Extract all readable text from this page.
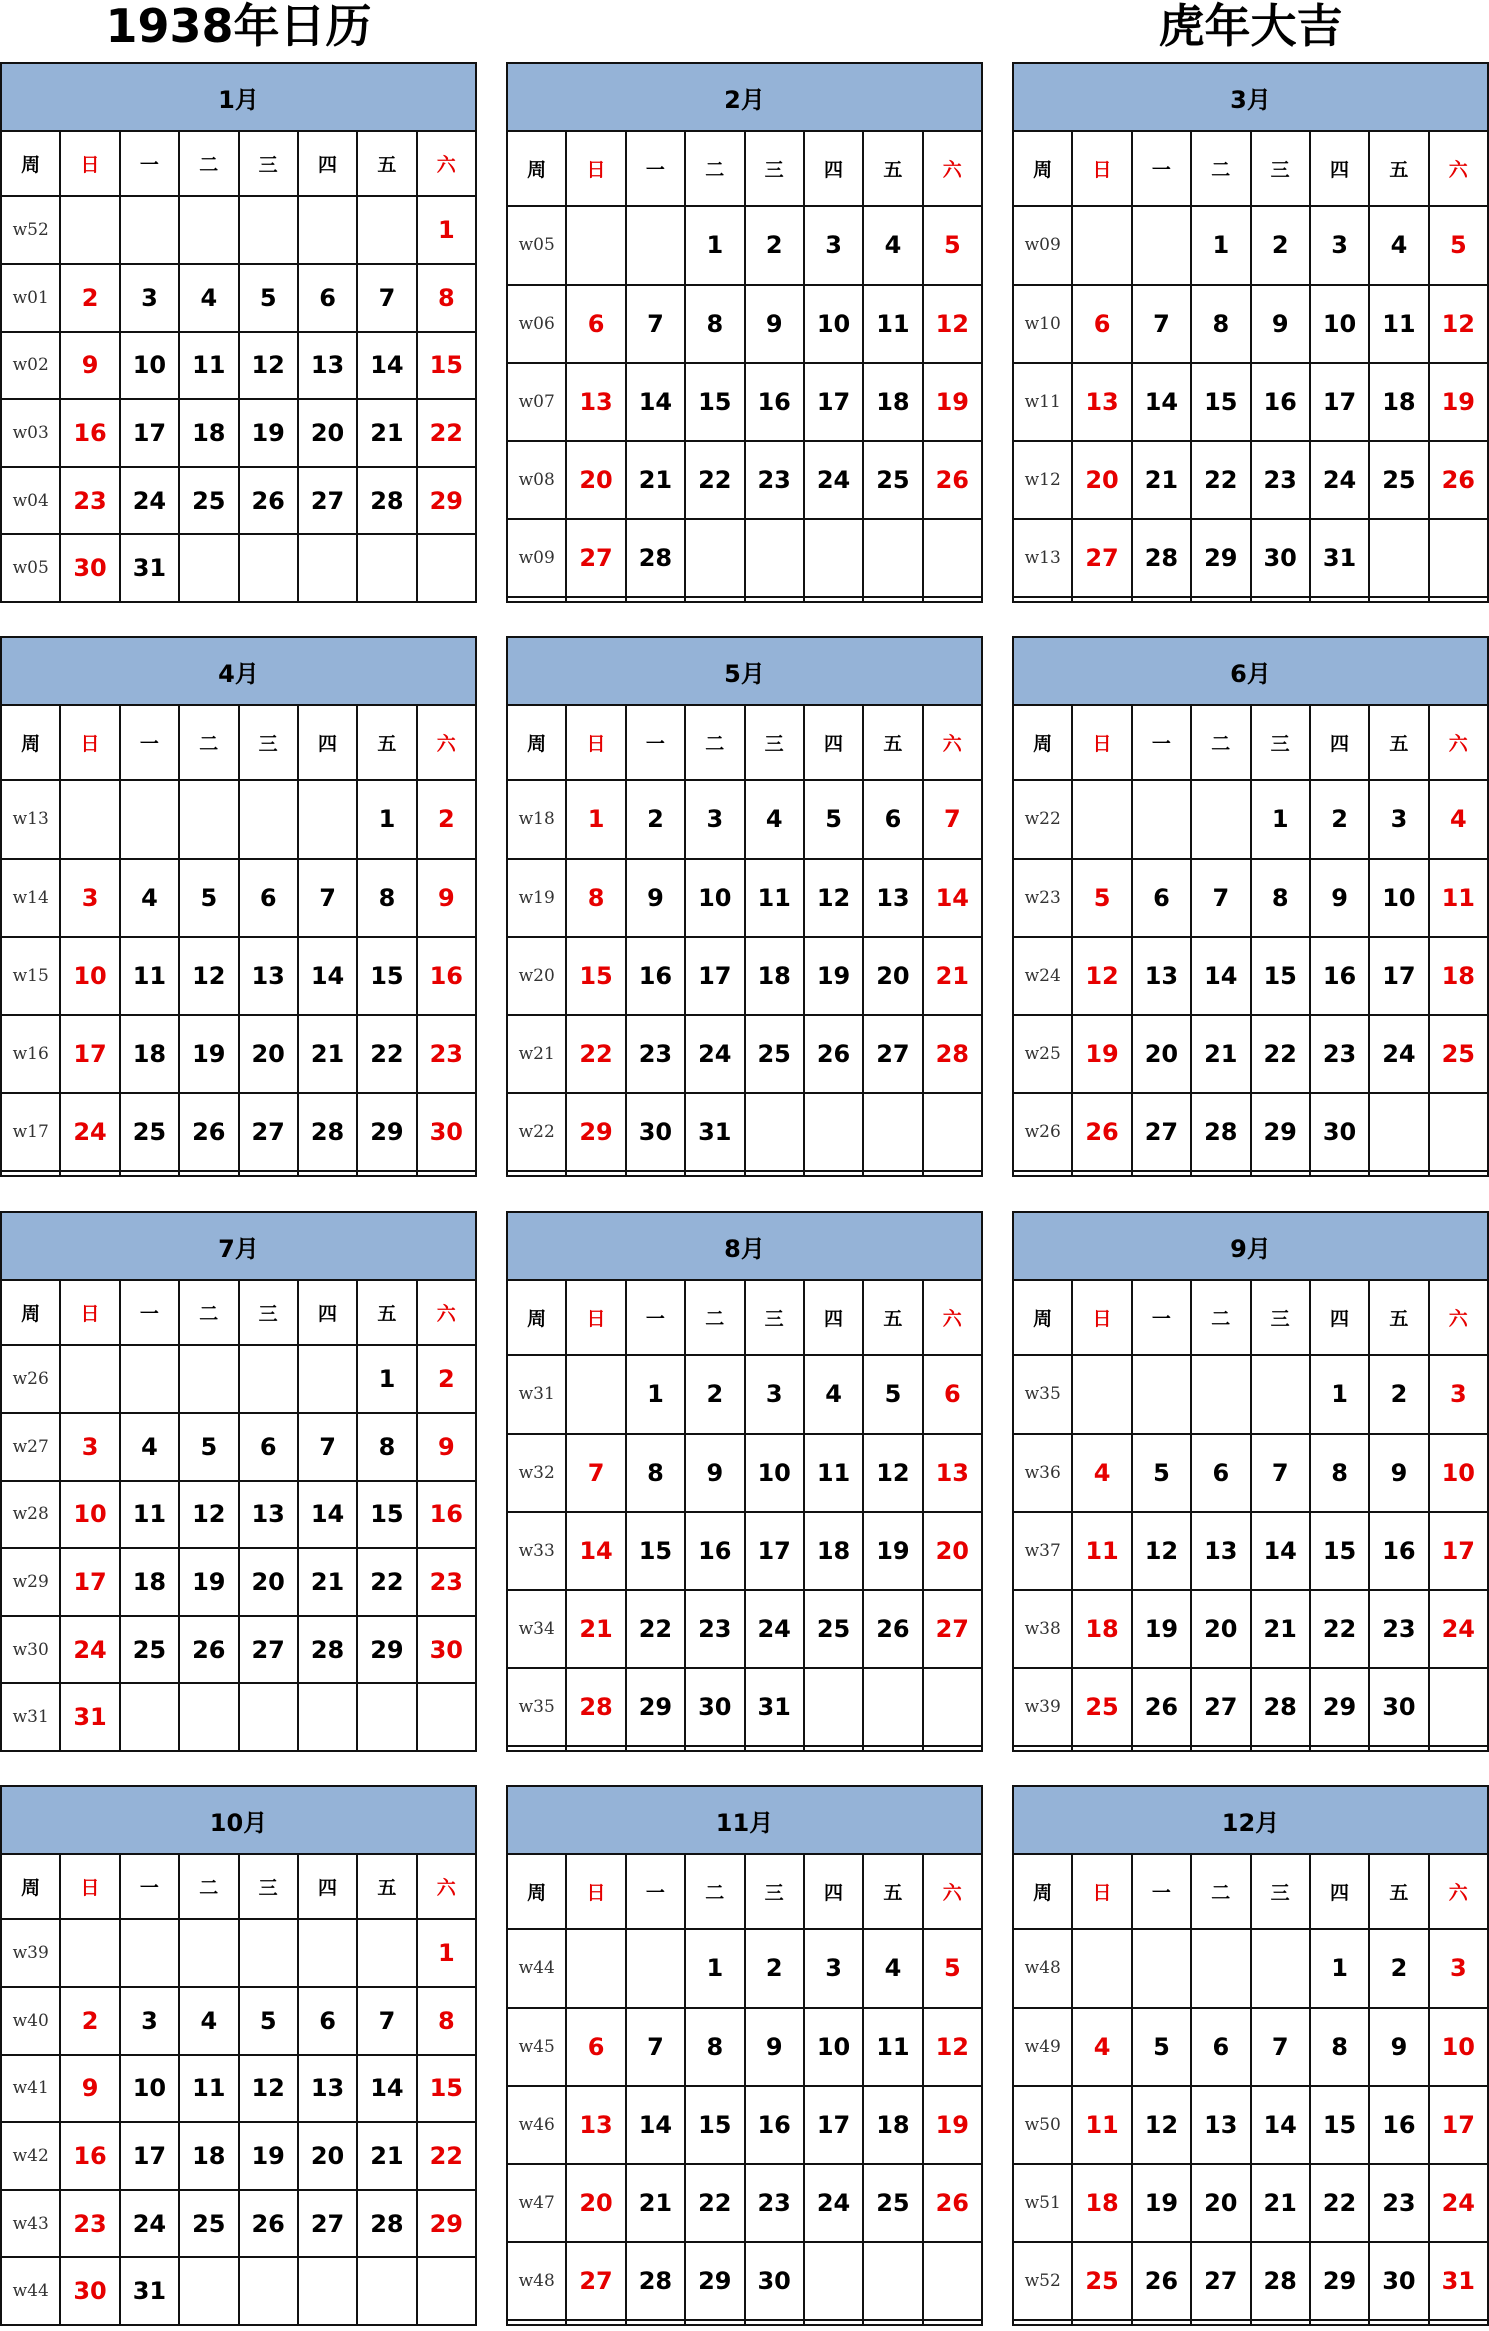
1938年日历	虎年大吉
1月							
周	日	一	二	三	四	五	六
w52							1
w01	2	3	4	5	6	7	8
w02	9	10	11	12	13	14	15
w03	16	17	18	19	20	21	22
w04	23	24	25	26	27	28	29
w05	30	31					
2月							
周	日	一	二	三	四	五	六
w05			1	2	3	4	5
w06	6	7	8	9	10	11	12
w07	13	14	15	16	17	18	19
w08	20	21	22	23	24	25	26
w09	27	28					

3月							
周	日	一	二	三	四	五	六
w09			1	2	3	4	5
w10	6	7	8	9	10	11	12
w11	13	14	15	16	17	18	19
w12	20	21	22	23	24	25	26
w13	27	28	29	30	31		

4月							
周	日	一	二	三	四	五	六
w13						1	2
w14	3	4	5	6	7	8	9
w15	10	11	12	13	14	15	16
w16	17	18	19	20	21	22	23
w17	24	25	26	27	28	29	30

5月							
周	日	一	二	三	四	五	六
w18	1	2	3	4	5	6	7
w19	8	9	10	11	12	13	14
w20	15	16	17	18	19	20	21
w21	22	23	24	25	26	27	28
w22	29	30	31				

6月							
周	日	一	二	三	四	五	六
w22				1	2	3	4
w23	5	6	7	8	9	10	11
w24	12	13	14	15	16	17	18
w25	19	20	21	22	23	24	25
w26	26	27	28	29	30		

7月							
周	日	一	二	三	四	五	六
w26						1	2
w27	3	4	5	6	7	8	9
w28	10	11	12	13	14	15	16
w29	17	18	19	20	21	22	23
w30	24	25	26	27	28	29	30
w31	31						
8月							
周	日	一	二	三	四	五	六
w31		1	2	3	4	5	6
w32	7	8	9	10	11	12	13
w33	14	15	16	17	18	19	20
w34	21	22	23	24	25	26	27
w35	28	29	30	31			

9月							
周	日	一	二	三	四	五	六
w35					1	2	3
w36	4	5	6	7	8	9	10
w37	11	12	13	14	15	16	17
w38	18	19	20	21	22	23	24
w39	25	26	27	28	29	30	

10月							
周	日	一	二	三	四	五	六
w39							1
w40	2	3	4	5	6	7	8
w41	9	10	11	12	13	14	15
w42	16	17	18	19	20	21	22
w43	23	24	25	26	27	28	29
w44	30	31					
11月							
周	日	一	二	三	四	五	六
w44			1	2	3	4	5
w45	6	7	8	9	10	11	12
w46	13	14	15	16	17	18	19
w47	20	21	22	23	24	25	26
w48	27	28	29	30			

12月							
周	日	一	二	三	四	五	六
w48					1	2	3
w49	4	5	6	7	8	9	10
w50	11	12	13	14	15	16	17
w51	18	19	20	21	22	23	24
w52	25	26	27	28	29	30	31
